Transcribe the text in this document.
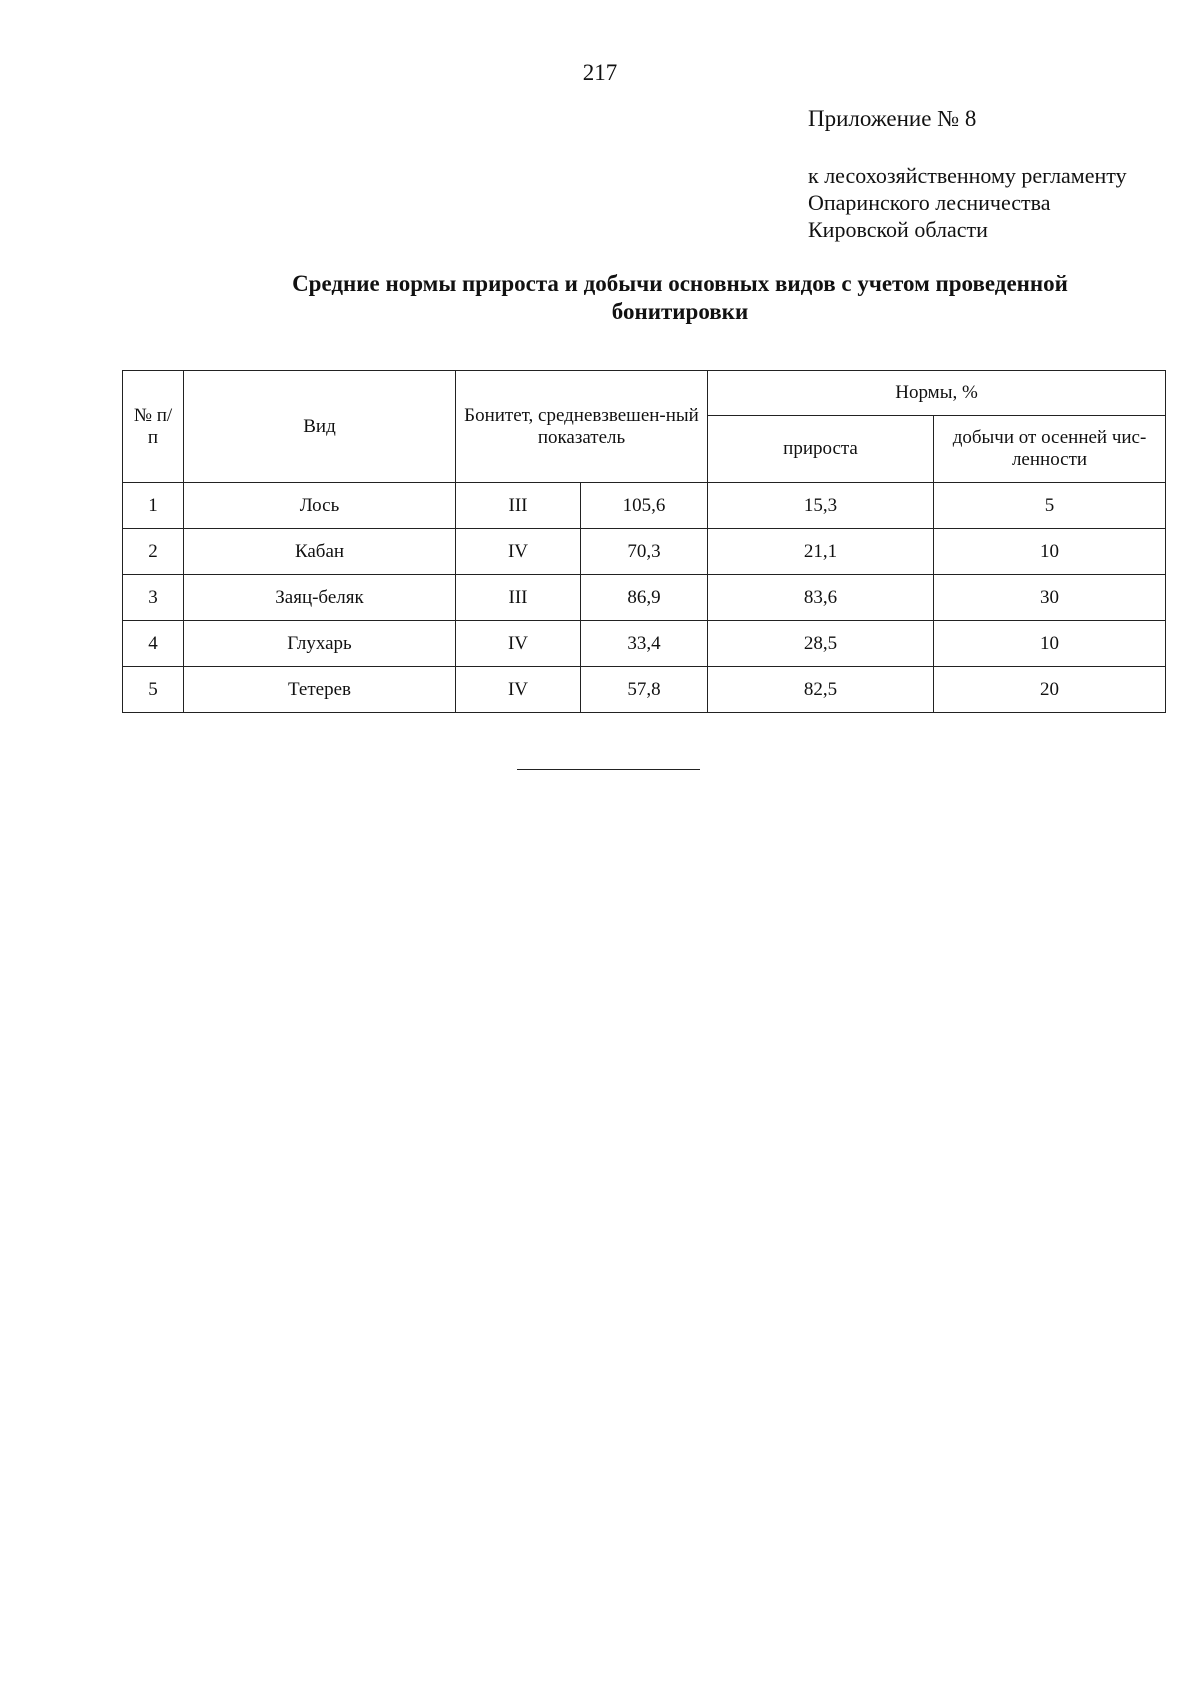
217
Приложение № 8
к лесохозяйственному регламенту
Опаринского лесничества
Кировской области
Средние нормы прироста и добычи основных видов с учетом проведенной
бонитировки
№ п/п	Вид	Бонитет, средневзвешен-ный показатель		Нормы, %	
				прироста	добычи от осенней чис-ленности
1	Лось	III	105,6	15,3	5
2	Кабан	IV	70,3	21,1	10
3	Заяц-беляк	III	86,9	83,6	30
4	Глухарь	IV	33,4	28,5	10
5	Тетерев	IV	57,8	82,5	20
